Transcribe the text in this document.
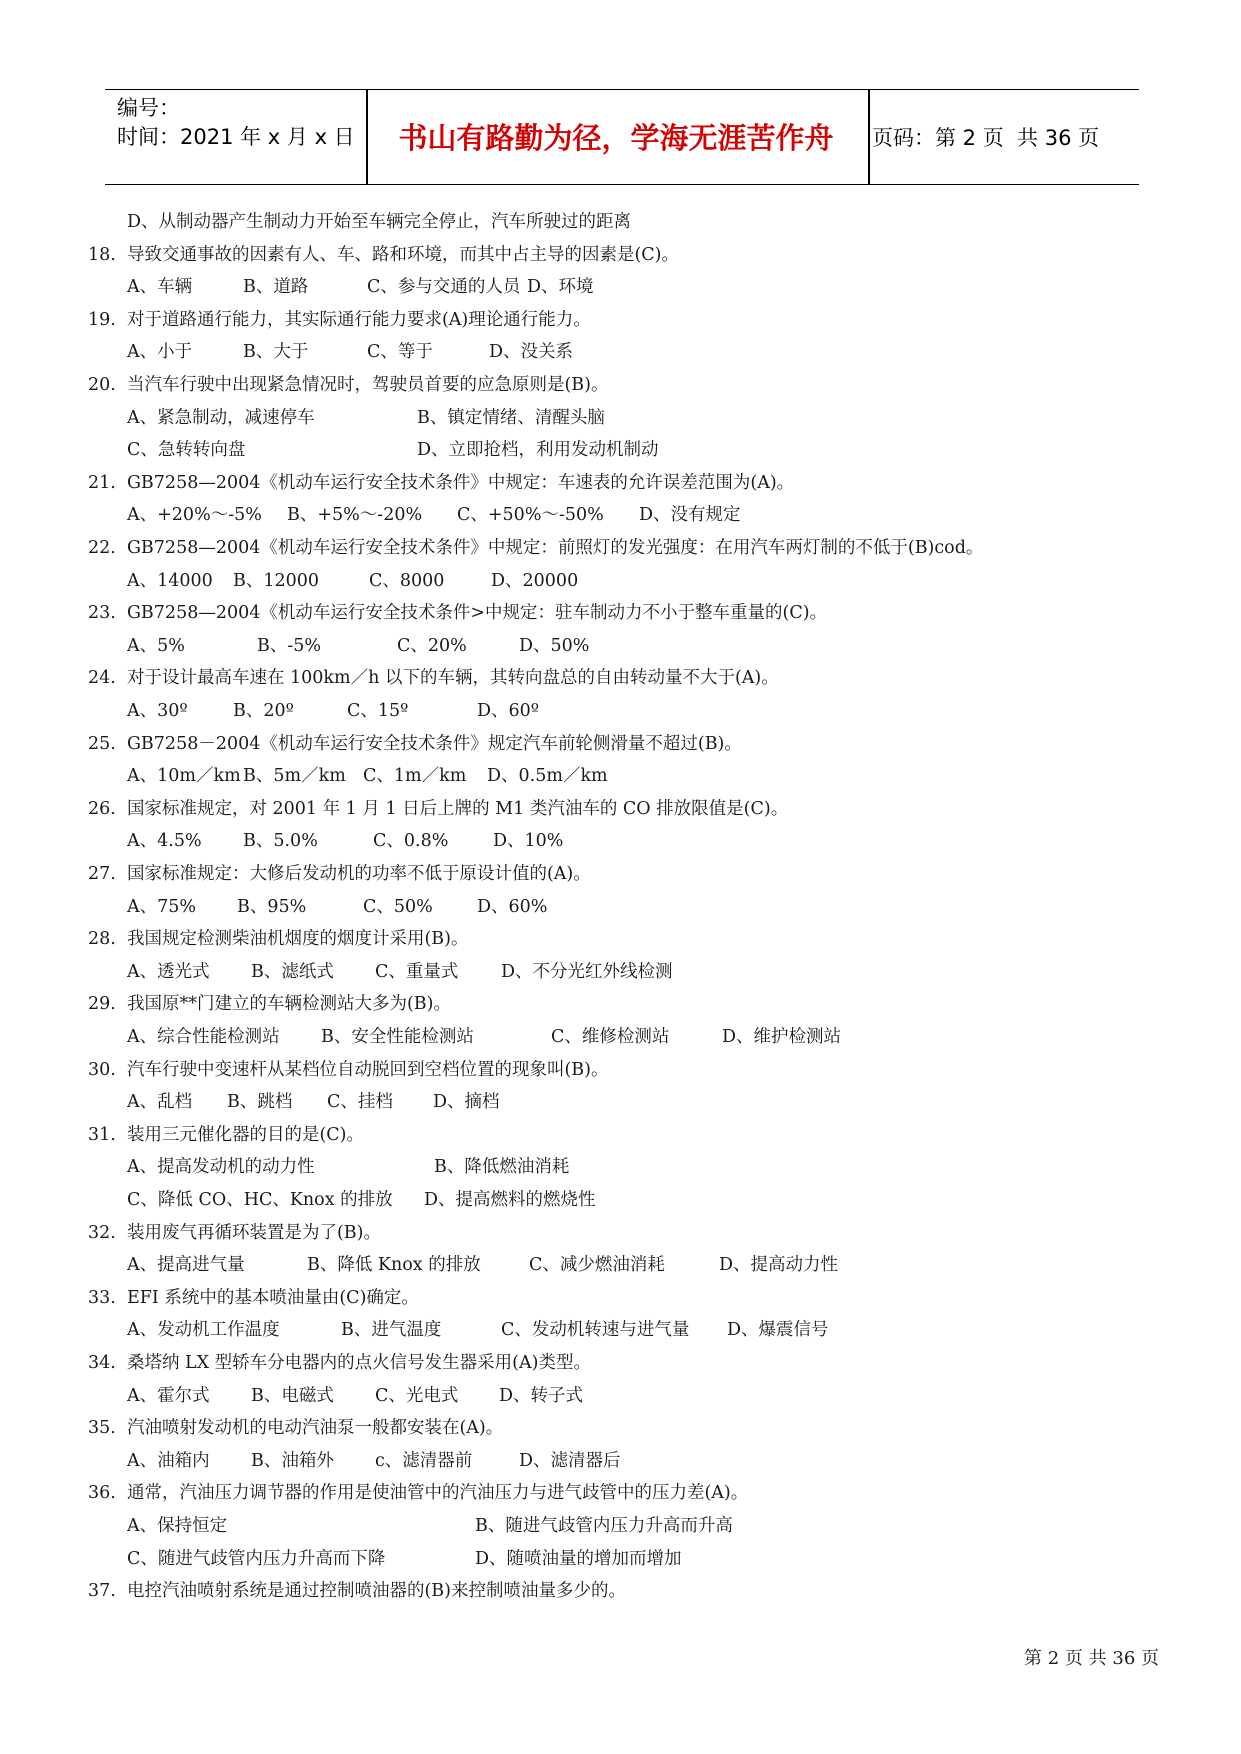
编号：
时间：2021 年 x 月 x 日	书山有路勤为径，学海无涯苦作舟	页码：第 2 页  共 36 页
D、从制动器产生制动力开始至车辆完全停止，汽车所驶过的距离
18.  导致交通事故的因素有人、车、路和环境，而其中占主导的因素是(C)。
A、车辆	B、道路	C、参与交通的人员 D、环境
19.  对于道路通行能力，其实际通行能力要求(A)理论通行能力。
A、小于	B、大于	C、等于	D、没关系
20.  当汽车行驶中出现紧急情况时，驾驶员首要的应急原则是(B)。
A、紧急制动，减速停车	B、镇定情绪、清醒头脑
C、急转转向盘	D、立即抢档，利用发动机制动
21.  GB7258—2004《机动车运行安全技术条件》中规定：车速表的允许误差范围为(A)。
A、+20%～-5% B、+5%～-20% C、+50%～-50% D、没有规定
22.  GB7258—2004《机动车运行安全技术条件》中规定：前照灯的发光强度：在用汽车两灯制的不低于(B)cod。
A、14000 B、12000	C、8000	D、20000
23.  GB7258—2004《机动车运行安全技术条件>中规定：驻车制动力不小于整车重量的(C)。
A、5%	B、-5%	C、20%	D、50%
24.  对于设计最高车速在 100km／h 以下的车辆，其转向盘总的自由转动量不大于(A)。
A、30º	B、20º	C、15º	D、60º
25.  GB7258－2004《机动车运行安全技术条件》规定汽车前轮侧滑量不超过(B)。
A、10m／km B、5m／km C、1m／km D、0.5m／km
26.  国家标准规定，对 2001 年 1 月 1 日后上牌的 M1 类汽油车的 CO 排放限值是(C)。
A、4.5% B、5.0%	C、0.8%	D、10%
27.  国家标准规定：大修后发动机的功率不低于原设计值的(A)。
A、75% B、95%	C、50%	D、60%
28.  我国规定检测柴油机烟度的烟度计采用(B)。
A、透光式 B、滤纸式 C、重量式 D、不分光红外线检测
29.  我国原**门建立的车辆检测站大多为(B)。
A、综合性能检测站 B、安全性能检测站	C、维修检测站	D、维护检测站
30.  汽车行驶中变速杆从某档位自动脱回到空档位置的现象叫(B)。
A、乱档 B、跳档 C、挂档 D、摘档
31.  装用三元催化器的目的是(C)。
A、提高发动机的动力性	B、降低燃油消耗
C、降低 CO、HC、Knox 的排放 D、提高燃料的燃烧性
32.  装用废气再循环装置是为了(B)。
A、提高进气量	B、降低 Knox 的排放	C、减少燃油消耗	D、提高动力性
33.  EFI 系统中的基本喷油量由(C)确定。
A、发动机工作温度	B、进气温度	C、发动机转速与进气量 D、爆震信号
34.  桑塔纳 LX 型轿车分电器内的点火信号发生器采用(A)类型。
A、霍尔式 B、电磁式 C、光电式 D、转子式
35.  汽油喷射发动机的电动汽油泵一般都安装在(A)。
A、油箱内 B、油箱外 c、滤清器前	D、滤清器后
36.  通常，汽油压力调节器的作用是使油管中的汽油压力与进气歧管中的压力差(A)。
A、保持恒定	B、随进气歧管内压力升高而升高
C、随进气歧管内压力升高而下降	D、随喷油量的增加而增加
37.  电控汽油喷射系统是通过控制喷油器的(B)来控制喷油量多少的。
第 2 页 共 36 页
